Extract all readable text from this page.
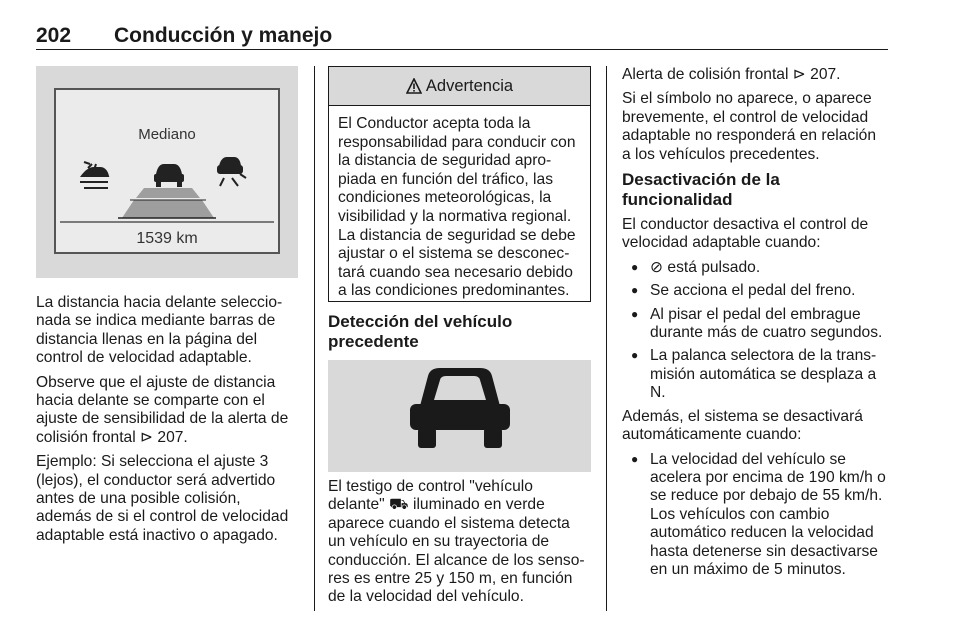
202 Conducción y manejo
Mediano
1539 km

La distancia hacia delante seleccio- nada se indica mediante barras de distancia llenas en la página del control de velocidad adaptable.

Observe que el ajuste de distancia hacia delante se comparte con el ajuste de sensibilidad de la alerta de colisión frontal ⊳ 207.

Ejemplo: Si selecciona el ajuste 3 (lejos), el conductor será advertido antes de una posible colisión, además de si el control de velocidad adaptable está inactivo o apagado.

Advertencia
El Conductor acepta toda la responsabilidad para conducir con la distancia de seguridad apro- piada en función del tráfico, las condiciones meteorológicas, la visibilidad y la normativa regional. La distancia de seguridad se debe ajustar o el sistema se desconec- tará cuando sea necesario debido a las condiciones predominantes.
Detección del vehículo precedente

El testigo de control "vehículo delante" ⛟ iluminado en verde aparece cuando el sistema detecta un vehículo en su trayectoria de conducción. El alcance de los senso- res es entre 25 y 150 m, en función de la velocidad del vehículo.

Alerta de colisión frontal ⊳ 207.

Si el símbolo no aparece, o aparece brevemente, el control de velocidad adaptable no responderá en relación a los vehículos precedentes.

Desactivación de la funcionalidad

El conductor desactiva el control de velocidad adaptable cuando:

● ⊘ está pulsado.
● Se acciona el pedal del freno.
● Al pisar el pedal del embrague durante más de cuatro segundos.
● La palanca selectora de la trans- misión automática se desplaza a N.

Además, el sistema se desactivará automáticamente cuando:

● La velocidad del vehículo se acelera por encima de 190 km/h o se reduce por debajo de 55 km/h. Los vehículos con cambio automático reducen la velocidad hasta detenerse sin desactivarse en un máximo de 5 minutos.
